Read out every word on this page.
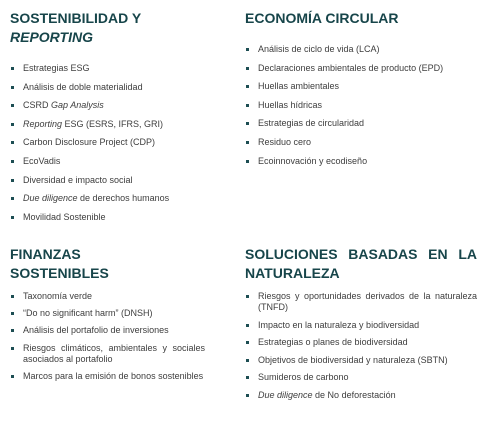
SOSTENIBILIDAD Y
REPORTING
Estrategias ESG
Análisis de doble materialidad
CSRD Gap Analysis
Reporting ESG (ESRS, IFRS, GRI)
Carbon Disclosure Project (CDP)
EcoVadis
Diversidad e impacto social
Due diligence de derechos humanos
Movilidad Sostenible
ECONOMÍA CIRCULAR
Análisis de ciclo de vida (LCA)
Declaraciones ambientales de producto (EPD)
Huellas ambientales
Huellas hídricas
Estrategias de circularidad
Residuo cero
Ecoinnovación y ecodiseño
FINANZAS
SOSTENIBLES
Taxonomía verde
“Do no significant harm” (DNSH)
Análisis del portafolio de inversiones
Riesgos climáticos, ambientales y sociales asociados al portafolio
Marcos para la emisión de bonos sostenibles
SOLUCIONES BASADAS EN LA
NATURALEZA
Riesgos y oportunidades derivados de la naturaleza (TNFD)
Impacto en la naturaleza y biodiversidad
Estrategias o planes de biodiversidad
Objetivos de biodiversidad y naturaleza (SBTN)
Sumideros de carbono
Due diligence de No deforestación
